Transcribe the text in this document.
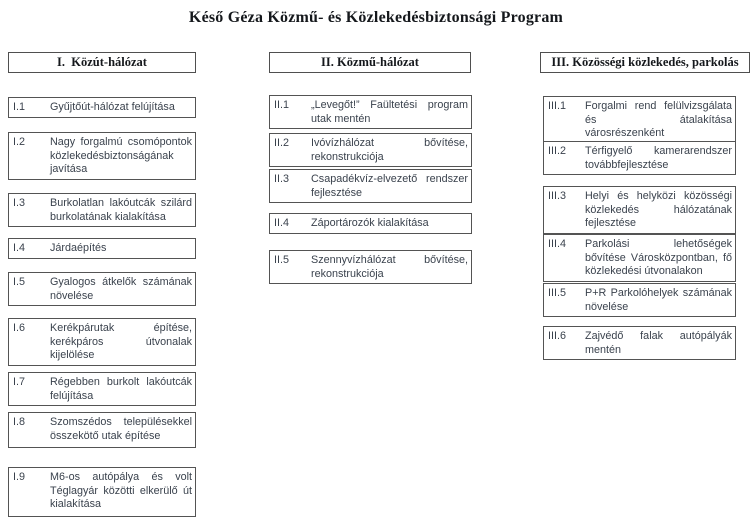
Késő Géza Közmű- és Közlekedésbiztonsági Program
I.  Közút-hálózat	II. Közmű-hálózat	III. Közösségi közlekedés, parkolás
I.1	Gyűjtőút-hálózat felújítása
I.2	Nagy forgalmú csomópontok közlekedésbiztonságának javítása
I.3	Burkolatlan lakóutcák szilárd burkolatának kialakítása
I.4	Járdaépítés
I.5	Gyalogos átkelők számának növelése
I.6	Kerékpárutak építése, kerékpáros útvonalak kijelölése
I.7	Régebben burkolt lakóutcák felújítása
I.8	Szomszédos településekkel összekötő utak építése
I.9	M6-os autópálya és volt Téglagyár közötti elkerülő út kialakítása
II.1	„Levegőt!” Faültetési program utak mentén
II.2	Ivóvízhálózat bővítése, rekonstrukciója
II.3	Csapadékvíz-elvezető rendszer fejlesztése
II.4	Záportározók kialakítása
II.5	Szennyvízhálózat bővítése, rekonstrukciója
III.1	Forgalmi rend felülvizsgálata és átalakítása városrészenként
III.2	Térfigyelő kamerarendszer továbbfejlesztése
III.3	Helyi és helyközi közösségi közlekedés hálózatának fejlesztése
III.4	Parkolási lehetőségek bővítése Városközpontban, fő közlekedési útvonalakon
III.5	P+R Parkolóhelyek számának növelése
III.6	Zajvédő falak autópályák mentén
